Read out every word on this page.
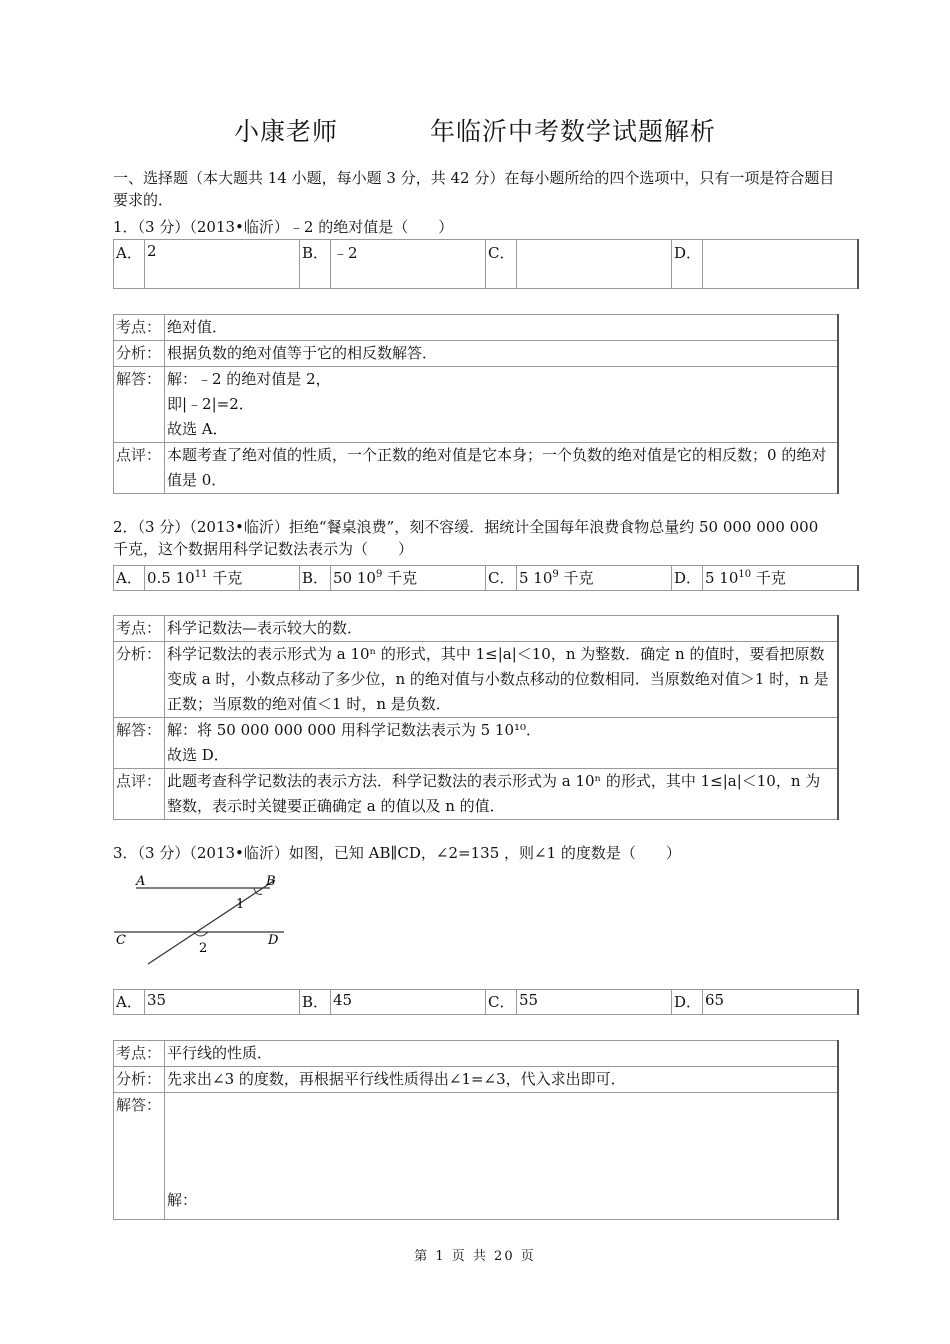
小康老师	年临沂中考数学试题解析
一、选择题（本大题共 14 小题，每小题 3 分，共 42 分）在每小题所给的四个选项中，只有一项是符合题目要求的．
1．（3 分）（2013•临沂）﹣2 的绝对值是（　　）
A．	2	B．	﹣2	C．		D．	
考点：	绝对值．
分析：	根据负数的绝对值等于它的相反数解答．
解答：	解：﹣2 的绝对值是 2，
即|﹣2|=2．
故选 A．

点评：	本题考查了绝对值的性质，一个正数的绝对值是它本身；一个负数的绝对值是它的相反数；0 的绝对值是 0．
2．（3 分）（2013•临沂）拒绝“餐桌浪费”，刻不容缓．据统计全国每年浪费食物总量约 50 000 000 000 千克，这个数据用科学记数法表示为（　　）
A．	0.5 $10^{11}$ 千克	B．	50 $10^9$ 千克	C．	5 $10^9$ 千克	D．	5 $10^{10}$ 千克
考点：	科学记数法—表示较大的数．
分析：	科学记数法的表示形式为 a 10ⁿ 的形式，其中 1≤|a|＜10，n 为整数．确定 n 的值时，要看把原数变成 a 时，小数点移动了多少位，n 的绝对值与小数点移动的位数相同．当原数绝对值＞1 时，n 是正数；当原数的绝对值＜1 时，n 是负数．
解答：	解：将 50 000 000 000 用科学记数法表示为 5 10¹⁰．
故选 D．

点评：	此题考查科学记数法的表示方法．科学记数法的表示形式为 a 10ⁿ 的形式，其中 1≤|a|＜10，n 为整数，表示时关键要正确确定 a 的值以及 n 的值．
3．（3 分）（2013•临沂）如图，已知 AB∥CD，∠2=135 ，则∠1 的度数是（　　）
A	B
C	D
1
2
A．	35	B．	45	C．	55	D．	65
考点：	平行线的性质．
分析：	先求出∠3 的度数，再根据平行线性质得出∠1=∠3，代入求出即可．
解答：	解：
第 1 页 共 20 页
